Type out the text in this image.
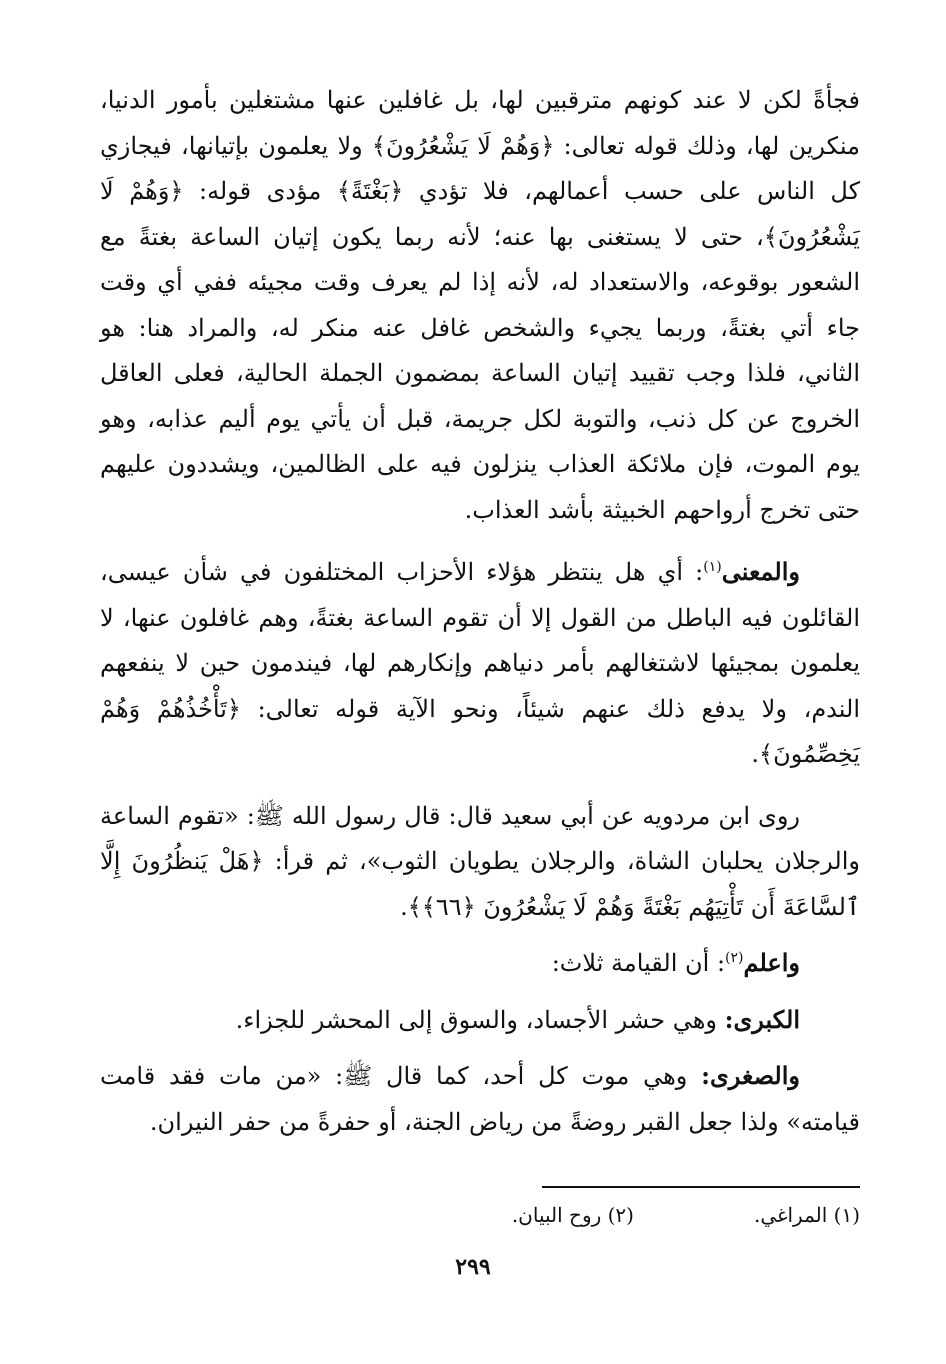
فجأةً لكن لا عند كونهم مترقبين لها، بل غافلين عنها مشتغلين بأمور الدنيا، منكرين لها، وذلك قوله تعالى: ﴿وَهُمْ لَا يَشْعُرُونَ﴾ ولا يعلمون بإتيانها، فيجازي كل الناس على حسب أعمالهم، فلا تؤدي ﴿بَغْتَةً﴾ مؤدى قوله: ﴿وَهُمْ لَا يَشْعُرُونَ﴾، حتى لا يستغنى بها عنه؛ لأنه ربما يكون إتيان الساعة بغتةً مع الشعور بوقوعه، والاستعداد له، لأنه إذا لم يعرف وقت مجيئه ففي أي وقت جاء أتي بغتةً، وربما يجيء والشخص غافل عنه منكر له، والمراد هنا: هو الثاني، فلذا وجب تقييد إتيان الساعة بمضمون الجملة الحالية، فعلى العاقل الخروج عن كل ذنب، والتوبة لكل جريمة، قبل أن يأتي يوم أليم عذابه، وهو يوم الموت، فإن ملائكة العذاب ينزلون فيه على الظالمين، ويشددون عليهم حتى تخرج أرواحهم الخبيثة بأشد العذاب.

والمعنى$^{(١)}$: أي هل ينتظر هؤلاء الأحزاب المختلفون في شأن عيسى، القائلون فيه الباطل من القول إلا أن تقوم الساعة بغتةً، وهم غافلون عنها، لا يعلمون بمجيئها لاشتغالهم بأمر دنياهم وإنكارهم لها، فيندمون حين لا ينفعهم الندم، ولا يدفع ذلك عنهم شيئاً، ونحو الآية قوله تعالى: ﴿تَأْخُذُهُمْ وَهُمْ يَخِصِّمُونَ﴾.

روى ابن مردويه عن أبي سعيد قال: قال رسول الله ﷺ: «تقوم الساعة والرجلان يحلبان الشاة، والرجلان يطويان الثوب»، ثم قرأ: ﴿هَلْ يَنظُرُونَ إِلَّا ٱلسَّاعَةَ أَن تَأْتِيَهُم بَغْتَةً وَهُمْ لَا يَشْعُرُونَ ﴿٦٦﴾﴾.

واعلم$^{(٢)}$: أن القيامة ثلاث:

الكبرى: وهي حشر الأجساد، والسوق إلى المحشر للجزاء.

والصغرى: وهي موت كل أحد، كما قال ﷺ: «من مات فقد قامت قيامته» ولذا جعل القبر روضةً من رياض الجنة، أو حفرةً من حفر النيران.

(١) المراغي.
(٢) روح البيان.
٢٩٩
